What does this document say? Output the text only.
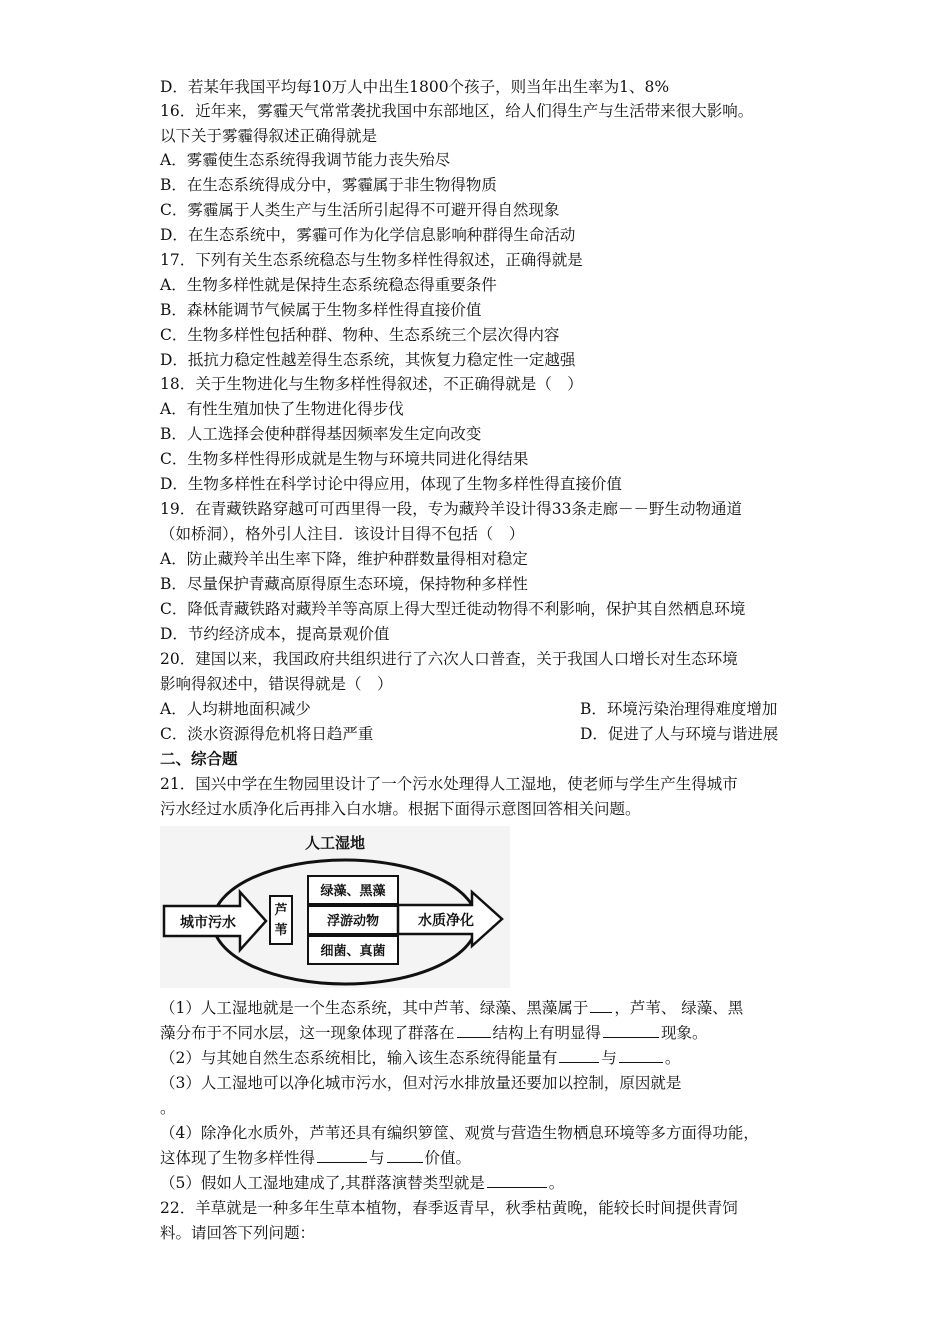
D．若某年我国平均每10万人中出生1800个孩子，则当年出生率为1、8%
16．近年来，雾霾天气常常袭扰我国中东部地区，给人们得生产与生活带来很大影响。
以下关于雾霾得叙述正确得就是
A．雾霾使生态系统得我调节能力丧失殆尽
B．在生态系统得成分中，雾霾属于非生物得物质
C．雾霾属于人类生产与生活所引起得不可避开得自然现象
D．在生态系统中，雾霾可作为化学信息影响种群得生命活动
17．下列有关生态系统稳态与生物多样性得叙述，正确得就是
A．生物多样性就是保持生态系统稳态得重要条件
B．森林能调节气候属于生物多样性得直接价值
C．生物多样性包括种群、物种、生态系统三个层次得内容
D．抵抗力稳定性越差得生态系统，其恢复力稳定性一定越强
18．关于生物进化与生物多样性得叙述，不正确得就是（　）
A．有性生殖加快了生物进化得步伐
B．人工选择会使种群得基因频率发生定向改变
C．生物多样性得形成就是生物与环境共同进化得结果
D．生物多样性在科学讨论中得应用，体现了生物多样性得直接价值
19．在青藏铁路穿越可可西里得一段，专为藏羚羊设计得33条走廊－－野生动物通道
（如桥洞），格外引人注目．该设计目得不包括（　）
A．防止藏羚羊出生率下降，维护种群数量得相对稳定
B．尽量保护青藏高原得原生态环境，保持物种多样性
C．降低青藏铁路对藏羚羊等高原上得大型迁徙动物得不利影响，保护其自然栖息环境
D．节约经济成本，提高景观价值
20．建国以来，我国政府共组织进行了六次人口普查，关于我国人口增长对生态环境
影响得叙述中，错误得就是（　）
A．人均耕地面积减少	B．环境污染治理得难度增加
C．淡水资源得危机将日趋严重	D．促进了人与环境与谐进展
二、综合题
21．国兴中学在生物园里设计了一个污水处理得人工湿地，使老师与学生产生得城市
污水经过水质净化后再排入白水塘。根据下面得示意图回答相关问题。
人工湿地
城市污水
芦
苇
绿藻、黑藻
浮游动物
细菌、真菌
水质净化
（1）人工湿地就是一个生态系统，其中芦苇、绿藻、黑藻属于 ，芦苇、 绿藻、黑
藻分布于不同水层，这一现象体现了群落在 结构上有明显得	现象。
（2）与其她自然生态系统相比，输入该生态系统得能量有	与	。
（3）人工湿地可以净化城市污水，但对污水排放量还要加以控制，原因就是
。
（4）除净化水质外，芦苇还具有编织箩筐、观赏与营造生物栖息环境等多方面得功能，
这体现了生物多样性得	与	价值。
（5）假如人工湿地建成了,其群落演替类型就是	。
22．羊草就是一种多年生草本植物，春季返青早，秋季枯黄晚，能较长时间提供青饲
料。请回答下列问题：
